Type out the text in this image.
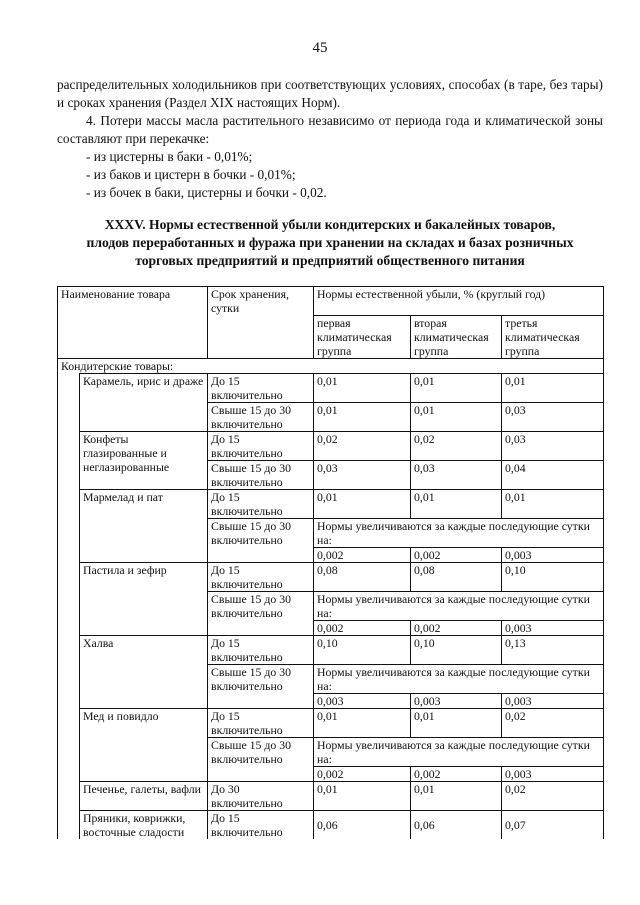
45

распределительных холодильников при соответствующих условиях, способах (в таре, без тары) и сроках хранения (Раздел XIX настоящих Норм).

4. Потери массы масла растительного независимо от периода года и климатической зоны составляют при перекачке:

- из цистерны в баки - 0,01%;

- из баков и цистерн в бочки - 0,01%;

- из бочек в баки, цистерны и бочки - 0,02.

XXXV. Нормы естественной убыли кондитерских и бакалейных товаров,
плодов переработанных и фуража при хранении на складах и базах розничных
торговых предприятий и предприятий общественного питания
Наименование товара		Срок хранения, сутки	Нормы естественной убыли, % (круглый год)		
			первая климатическая группа	вторая климатическая группа	третья климатическая группа
Кондитерские товары:					
	Карамель, ирис и драже	До 15 включительно	0,01	0,01	0,01
		Свыше 15 до 30 включительно	0,01	0,01	0,03
	Конфеты глазированные и неглазированные	До 15 включительно	0,02	0,02	0,03
		Свыше 15 до 30 включительно	0,03	0,03	0,04
	Мармелад и пат	До 15 включительно	0,01	0,01	0,01
		Свыше 15 до 30 включительно	Нормы увеличиваются за каждые последующие сутки на:		
			0,002	0,002	0,003
	Пастила и зефир	До 15 включительно	0,08	0,08	0,10
		Свыше 15 до 30 включительно	Нормы увеличиваются за каждые последующие сутки на:		
			0,002	0,002	0,003
	Халва	До 15 включительно	0,10	0,10	0,13
		Свыше 15 до 30 включительно	Нормы увеличиваются за каждые последующие сутки на:		
			0,003	0,003	0,003
	Мед и повидло	До 15 включительно	0,01	0,01	0,02
		Свыше 15 до 30 включительно	Нормы увеличиваются за каждые последующие сутки на:		
			0,002	0,002	0,003
	Печенье, галеты, вафли	До 30 включительно	0,01	0,01	0,02
	Пряники, коврижки, восточные сладости	До 15 включительно	0,06	0,06	0,07
